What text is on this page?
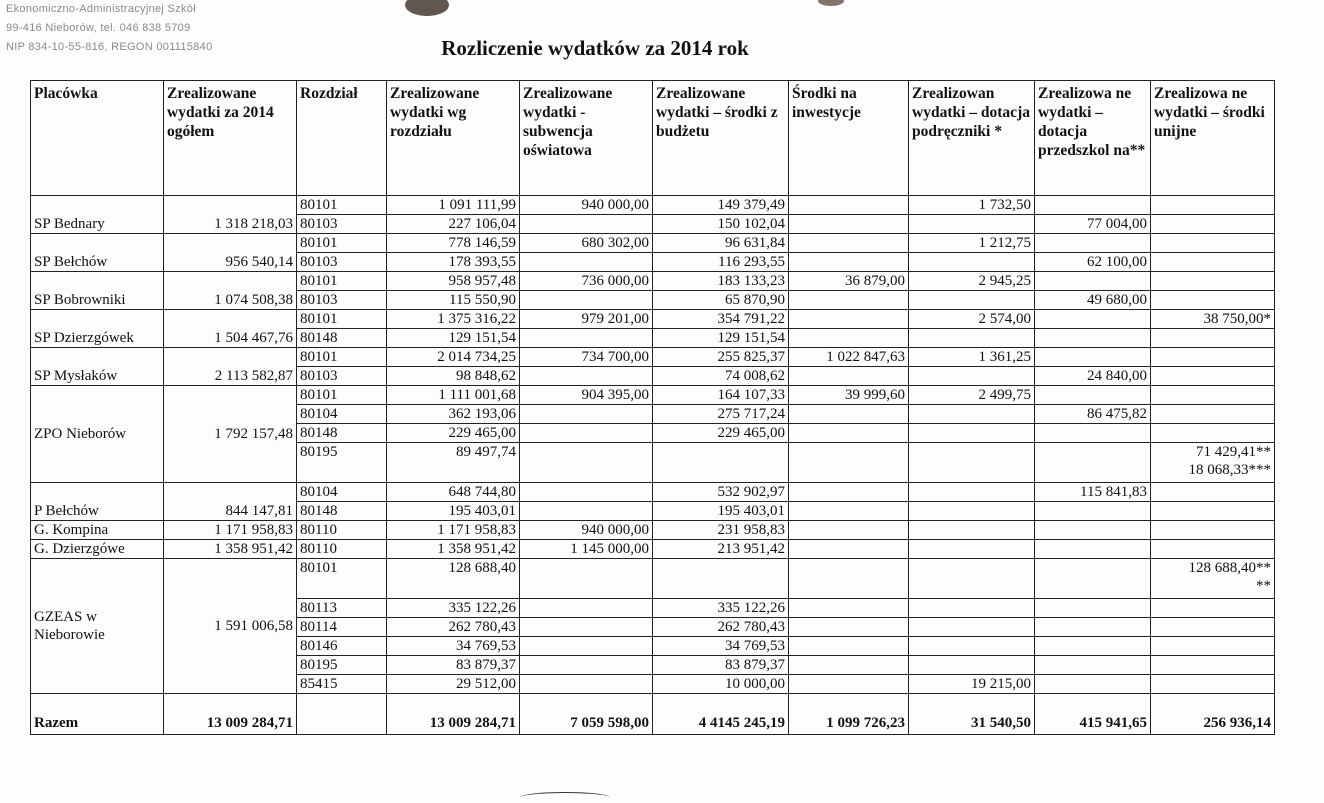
Ekonomiczno-Administracyjnej Szkół
99-416 Nieborów, tel. 046 838 5709
NIP 834-10-55-816, REGON 001115840	Rozliczenie wydatków za 2014 rok
Placówka	Zrealizowane wydatki za 2014 ogółem	Rozdział	Zrealizowane wydatki wg rozdziału	Zrealizowane wydatki - subwencja oświatowa	Zrealizowane wydatki – środki z budżetu	Środki na inwestycje	Zrealizowan wydatki – dotacja podręczniki *	Zrealizowa ne wydatki – dotacja przedszkol na**	Zrealizowa ne wydatki – środki unijne
SP Bednary	1 318 218,03	80101	1 091 111,99	940 000,00	149 379,49		1 732,50		
		80103	227 106,04		150 102,04			77 004,00	
SP Bełchów	956 540,14	80101	778 146,59	680 302,00	96 631,84		1 212,75		
		80103	178 393,55		116 293,55			62 100,00	
SP Bobrowniki	1 074 508,38	80101	958 957,48	736 000,00	183 133,23	36 879,00	2 945,25		
		80103	115 550,90		65 870,90			49 680,00	
SP Dzierzgówek	1 504 467,76	80101	1 375 316,22	979 201,00	354 791,22		2 574,00		38 750,00*
		80148	129 151,54		129 151,54				
SP Mysłaków	2 113 582,87	80101	2 014 734,25	734 700,00	255 825,37	1 022 847,63	1 361,25		
		80103	98 848,62		74 008,62			24 840,00	
ZPO Nieborów	1 792 157,48	80101	1 111 001,68	904 395,00	164 107,33	39 999,60	2 499,75		
		80104	362 193,06		275 717,24			86 475,82	
		80148	229 465,00		229 465,00				
		80195	89 497,74						71 429,41**
18 068,33***

P Bełchów	844 147,81	80104	648 744,80		532 902,97			115 841,83	
		80148	195 403,01		195 403,01				
G. Kompina	1 171 958,83	80110	1 171 958,83	940 000,00	231 958,83				
G. Dzierzgówe	1 358 951,42	80110	1 358 951,42	1 145 000,00	213 951,42				
GZEAS w Nieborowie	1 591 006,58	80101	128 688,40						128 688,40**
**

		80113	335 122,26		335 122,26				
		80114	262 780,43		262 780,43				
		80146	34 769,53		34 769,53				
		80195	83 879,37		83 879,37				
		85415	29 512,00		10 000,00		19 215,00		
Razem	13 009 284,71		13 009 284,71	7 059 598,00	4 4145 245,19	1 099 726,23	31 540,50	415 941,65	256 936,14
